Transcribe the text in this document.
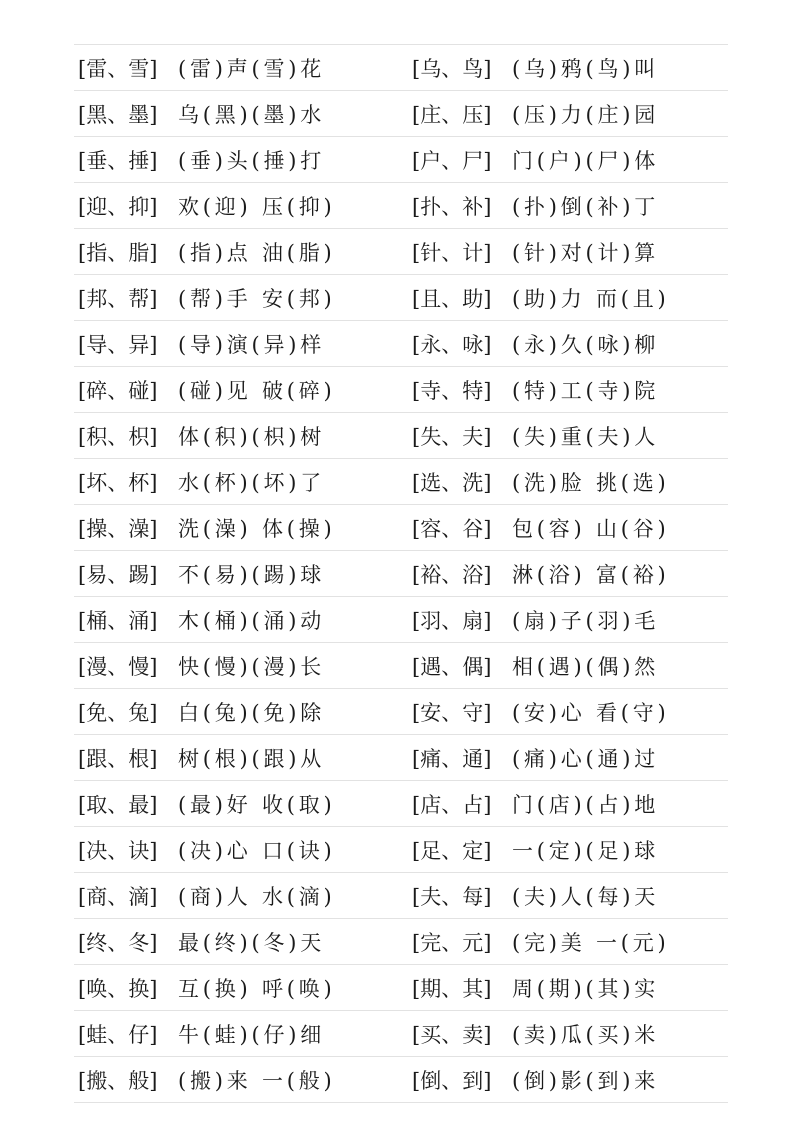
[雷、雪] (雷)声(雪)花	[乌、鸟] (乌)鸦(鸟)叫
[黑、墨] 乌(黑)(墨)水	[庄、压] (压)力(庄)园
[垂、捶] (垂)头(捶)打	[户、尸] 门(户)(尸)体
[迎、抑] 欢(迎) 压(抑)	[扑、补] (扑)倒(补)丁
[指、脂] (指)点 油(脂)	[针、计] (针)对(计)算
[邦、帮] (帮)手 安(邦)	[且、助] (助)力 而(且)
[导、异] (导)演(异)样	[永、咏] (永)久(咏)柳
[碎、碰] (碰)见 破(碎)	[寺、特] (特)工(寺)院
[积、枳] 体(积)(枳)树	[失、夫] (失)重(夫)人
[坏、杯] 水(杯)(坏)了	[选、洗] (洗)脸 挑(选)
[操、澡] 洗(澡) 体(操)	[容、谷] 包(容) 山(谷)
[易、踢] 不(易)(踢)球	[裕、浴] 淋(浴) 富(裕)
[桶、涌] 木(桶)(涌)动	[羽、扇] (扇)子(羽)毛
[漫、慢] 快(慢)(漫)长	[遇、偶] 相(遇)(偶)然
[免、兔] 白(兔)(免)除	[安、守] (安)心 看(守)
[跟、根] 树(根)(跟)从	[痛、通] (痛)心(通)过
[取、最] (最)好 收(取)	[店、占] 门(店)(占)地
[决、诀] (决)心 口(诀)	[足、定] 一(定)(足)球
[商、滴] (商)人 水(滴)	[夫、每] (夫)人(每)天
[终、冬] 最(终)(冬)天	[完、元] (完)美 一(元)
[唤、换] 互(换) 呼(唤)	[期、其] 周(期)(其)实
[蛙、仔] 牛(蛙)(仔)细	[买、卖] (卖)瓜(买)米
[搬、般] (搬)来 一(般)	[倒、到] (倒)影(到)来
